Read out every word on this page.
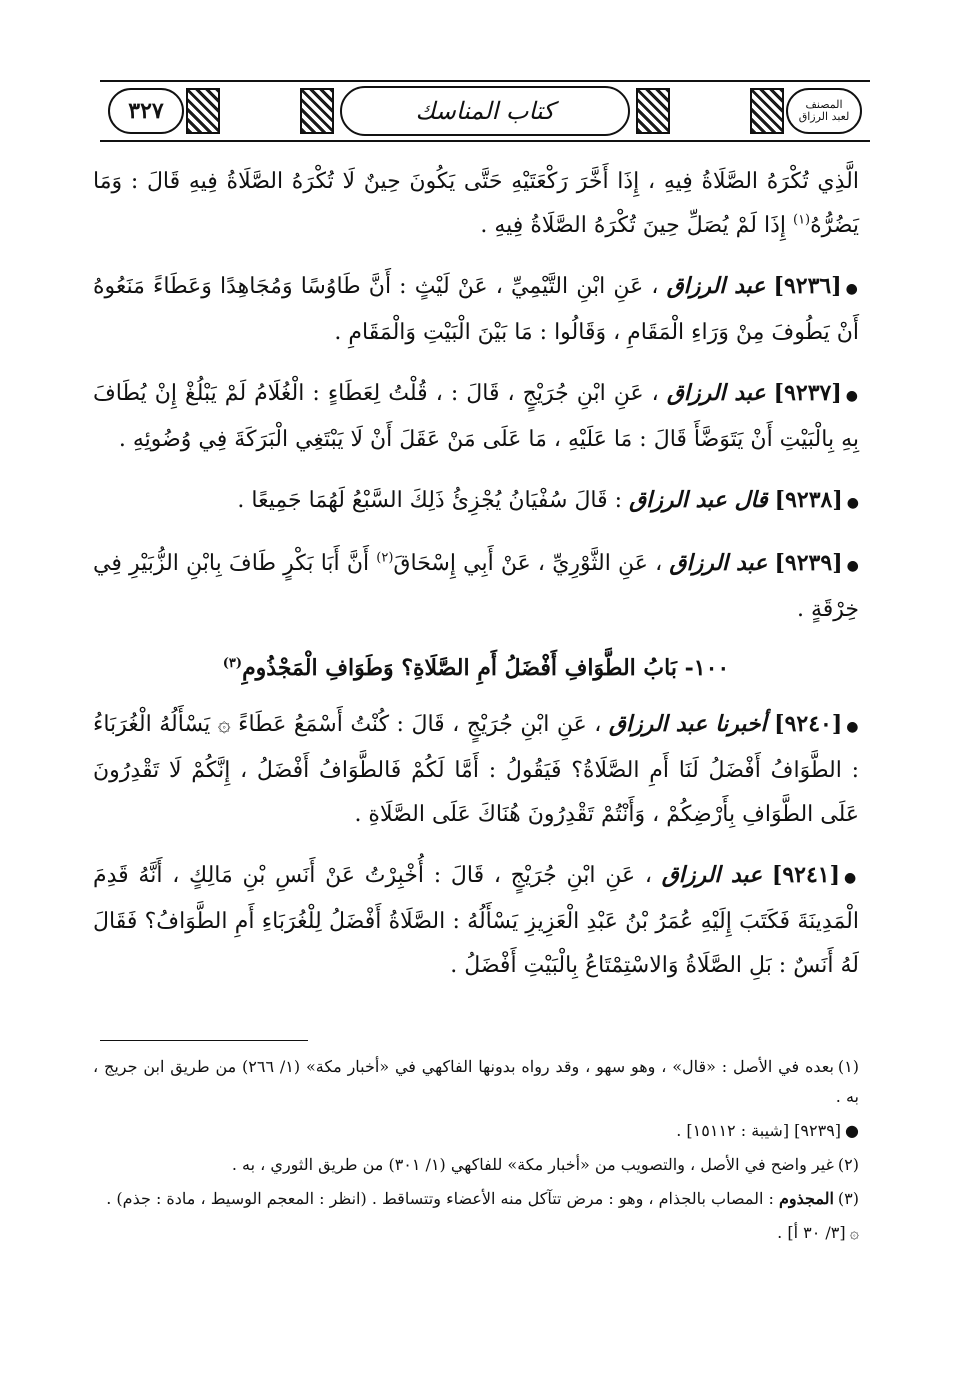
٣٢٧	كتاب المناسك	المصنف
لعبد الرزاق

الَّذِي تُكْرَهُ الصَّلَاةُ فِيهِ ، إِذَا أَخَّرَ رَكْعَتَيْهِ حَتَّى يَكُونَ حِينٌ لَا تُكْرَهُ الصَّلَاةُ فِيهِ قَالَ : وَمَا يَضُرُّهُ$^{(١)}$ إِذَا لَمْ يُصَلِّ حِينَ تُكْرَهُ الصَّلَاةُ فِيهِ .

●[٩٢٣٦] عبد الرزاق ، عَنِ ابْنِ التَّيْمِيِّ ، عَنْ لَيْثٍ : أَنَّ طَاوُسًا وَمُجَاهِدًا وَعَطَاءً مَنَعُوهُ أَنْ يَطُوفَ مِنْ وَرَاءِ الْمَقَامِ ، وَقَالُوا : مَا بَيْنَ الْبَيْتِ وَالْمَقَامِ .

●[٩٢٣٧] عبد الرزاق ، عَنِ ابْنِ جُرَيْجٍ ، قَالَ : ، قُلْتُ لِعَطَاءٍ : الْغُلَامُ لَمْ يَبْلُغْ إِنْ يُطَافَ بِهِ بِالْبَيْتِ أَنْ يَتَوَضَّأَ قَالَ : مَا عَلَيْهِ ، مَا عَلَى مَنْ عَقَلَ أَنْ لَا يَبْتَغِي الْبَرَكَةَ فِي وُضُوئِهِ .

●[٩٢٣٨] قال عبد الرزاق : قَالَ سُفْيَانُ يُجْزِئُ ذَلِكَ السَّبْعُ لَهُمَا جَمِيعًا .

●[٩٢٣٩] عبد الرزاق ، عَنِ الثَّوْرِيِّ ، عَنْ أَبِي إِسْحَاقَ$^{(٢)}$ أَنَّ أَبَا بَكْرٍ طَافَ بِابْنِ الزُّبَيْرِ فِي خِرْقَةٍ .

١٠٠- بَابُ الطَّوَافِ أَفْضَلُ أَمِ الصَّلَاةِ؟ وَطَوَافِ الْمَجْذُومِ$^{(٣)}$

●[٩٢٤٠] أخبرنا عبد الرزاق ، عَنِ ابْنِ جُرَيْجٍ ، قَالَ : كُنْتُ أَسْمَعُ عَطَاءً ۞ يَسْأَلُهُ الْغُرَبَاءُ : الطَّوَافُ أَفْضَلُ لَنَا أَمِ الصَّلَاةُ؟ فَيَقُولُ : أَمَّا لَكُمْ فَالطَّوَافُ أَفْضَلُ ، إِنَّكُمْ لَا تَقْدِرُونَ عَلَى الطَّوَافِ بِأَرْضِكُمْ ، وَأَنْتُمْ تَقْدِرُونَ هُنَاكَ عَلَى الصَّلَاةِ .

●[٩٢٤١] عبد الرزاق ، عَنِ ابْنِ جُرَيْجٍ ، قَالَ : أُخْبِرْتُ عَنْ أَنَسِ بْنِ مَالِكٍ ، أَنَّهُ قَدِمَ الْمَدِينَةَ فَكَتَبَ إِلَيْهِ عُمَرُ بْنُ عَبْدِ الْعَزِيزِ يَسْأَلُهُ : الصَّلَاةُ أَفْضَلُ لِلْغُرَبَاءِ أَمِ الطَّوَافُ؟ فَقَالَ لَهُ أَنَسٌ : بَلِ الصَّلَاةُ وَالاسْتِمْتَاعُ بِالْبَيْتِ أَفْضَلُ .

(١)بعده في الأصل : «قال» ، وهو سهو ، وقد رواه بدونها الفاكهي في «أخبار مكة» (١/ ٢٦٦) من طريق ابن جريج ، به .

●[٩٢٣٩] [شيبة : ١٥١١٢] .

(٢)غير واضح في الأصل ، والتصويب من «أخبار مكة» للفاكهي (١/ ٣٠١) من طريق الثوري ، به .

(٣)المجذوم : المصاب بالجذام ، وهو : مرض تتآكل منه الأعضاء وتتساقط . (انظر : المعجم الوسيط ، مادة : جذم) .

۞[٣/ ٣٠ أ] .
